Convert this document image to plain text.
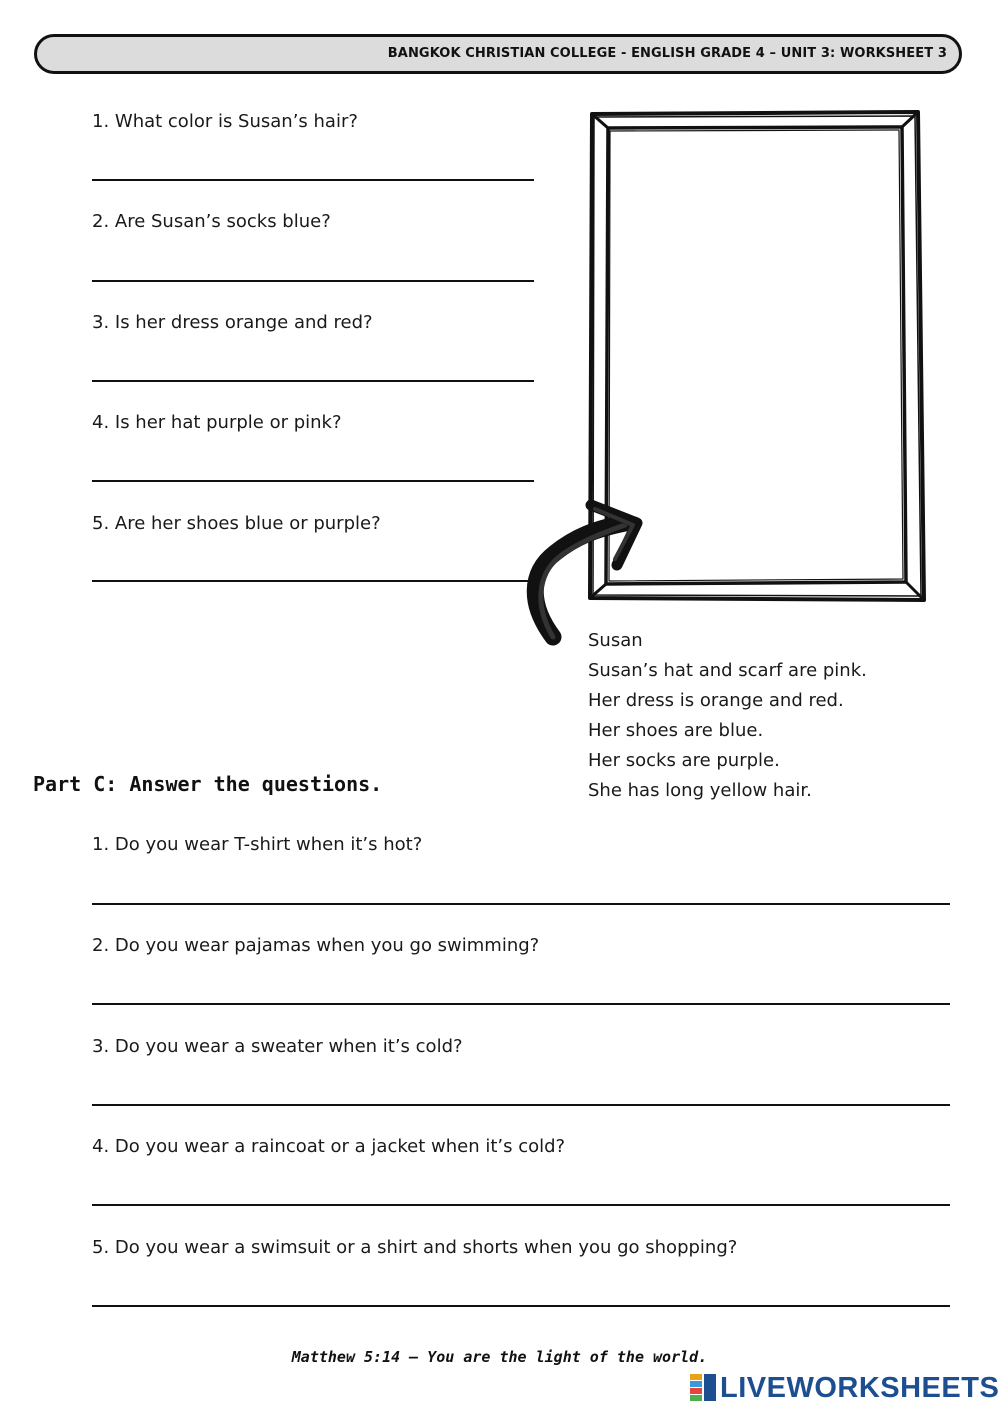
BANGKOK CHRISTIAN COLLEGE - ENGLISH GRADE 4 – UNIT 3: WORKSHEET 3
1. What color is Susan’s hair?
2. Are Susan’s socks blue?
3. Is her dress orange and red?
4. Is her hat purple or pink?
5. Are her shoes blue or purple?
Susan
Susan’s hat and scarf are pink.
Her dress is orange and red.
Her shoes are blue.
Her socks are purple.
She has long yellow hair.
Part C: Answer the questions.
1. Do you wear T-shirt when it’s hot?
2. Do you wear pajamas when you go swimming?
3. Do you wear a sweater when it’s cold?
4. Do you wear a raincoat or a jacket when it’s cold?
5. Do you wear a swimsuit or a shirt and shorts when you go shopping?
Matthew 5:14 – You are the light of the world.
LIVEWORKSHEETS
